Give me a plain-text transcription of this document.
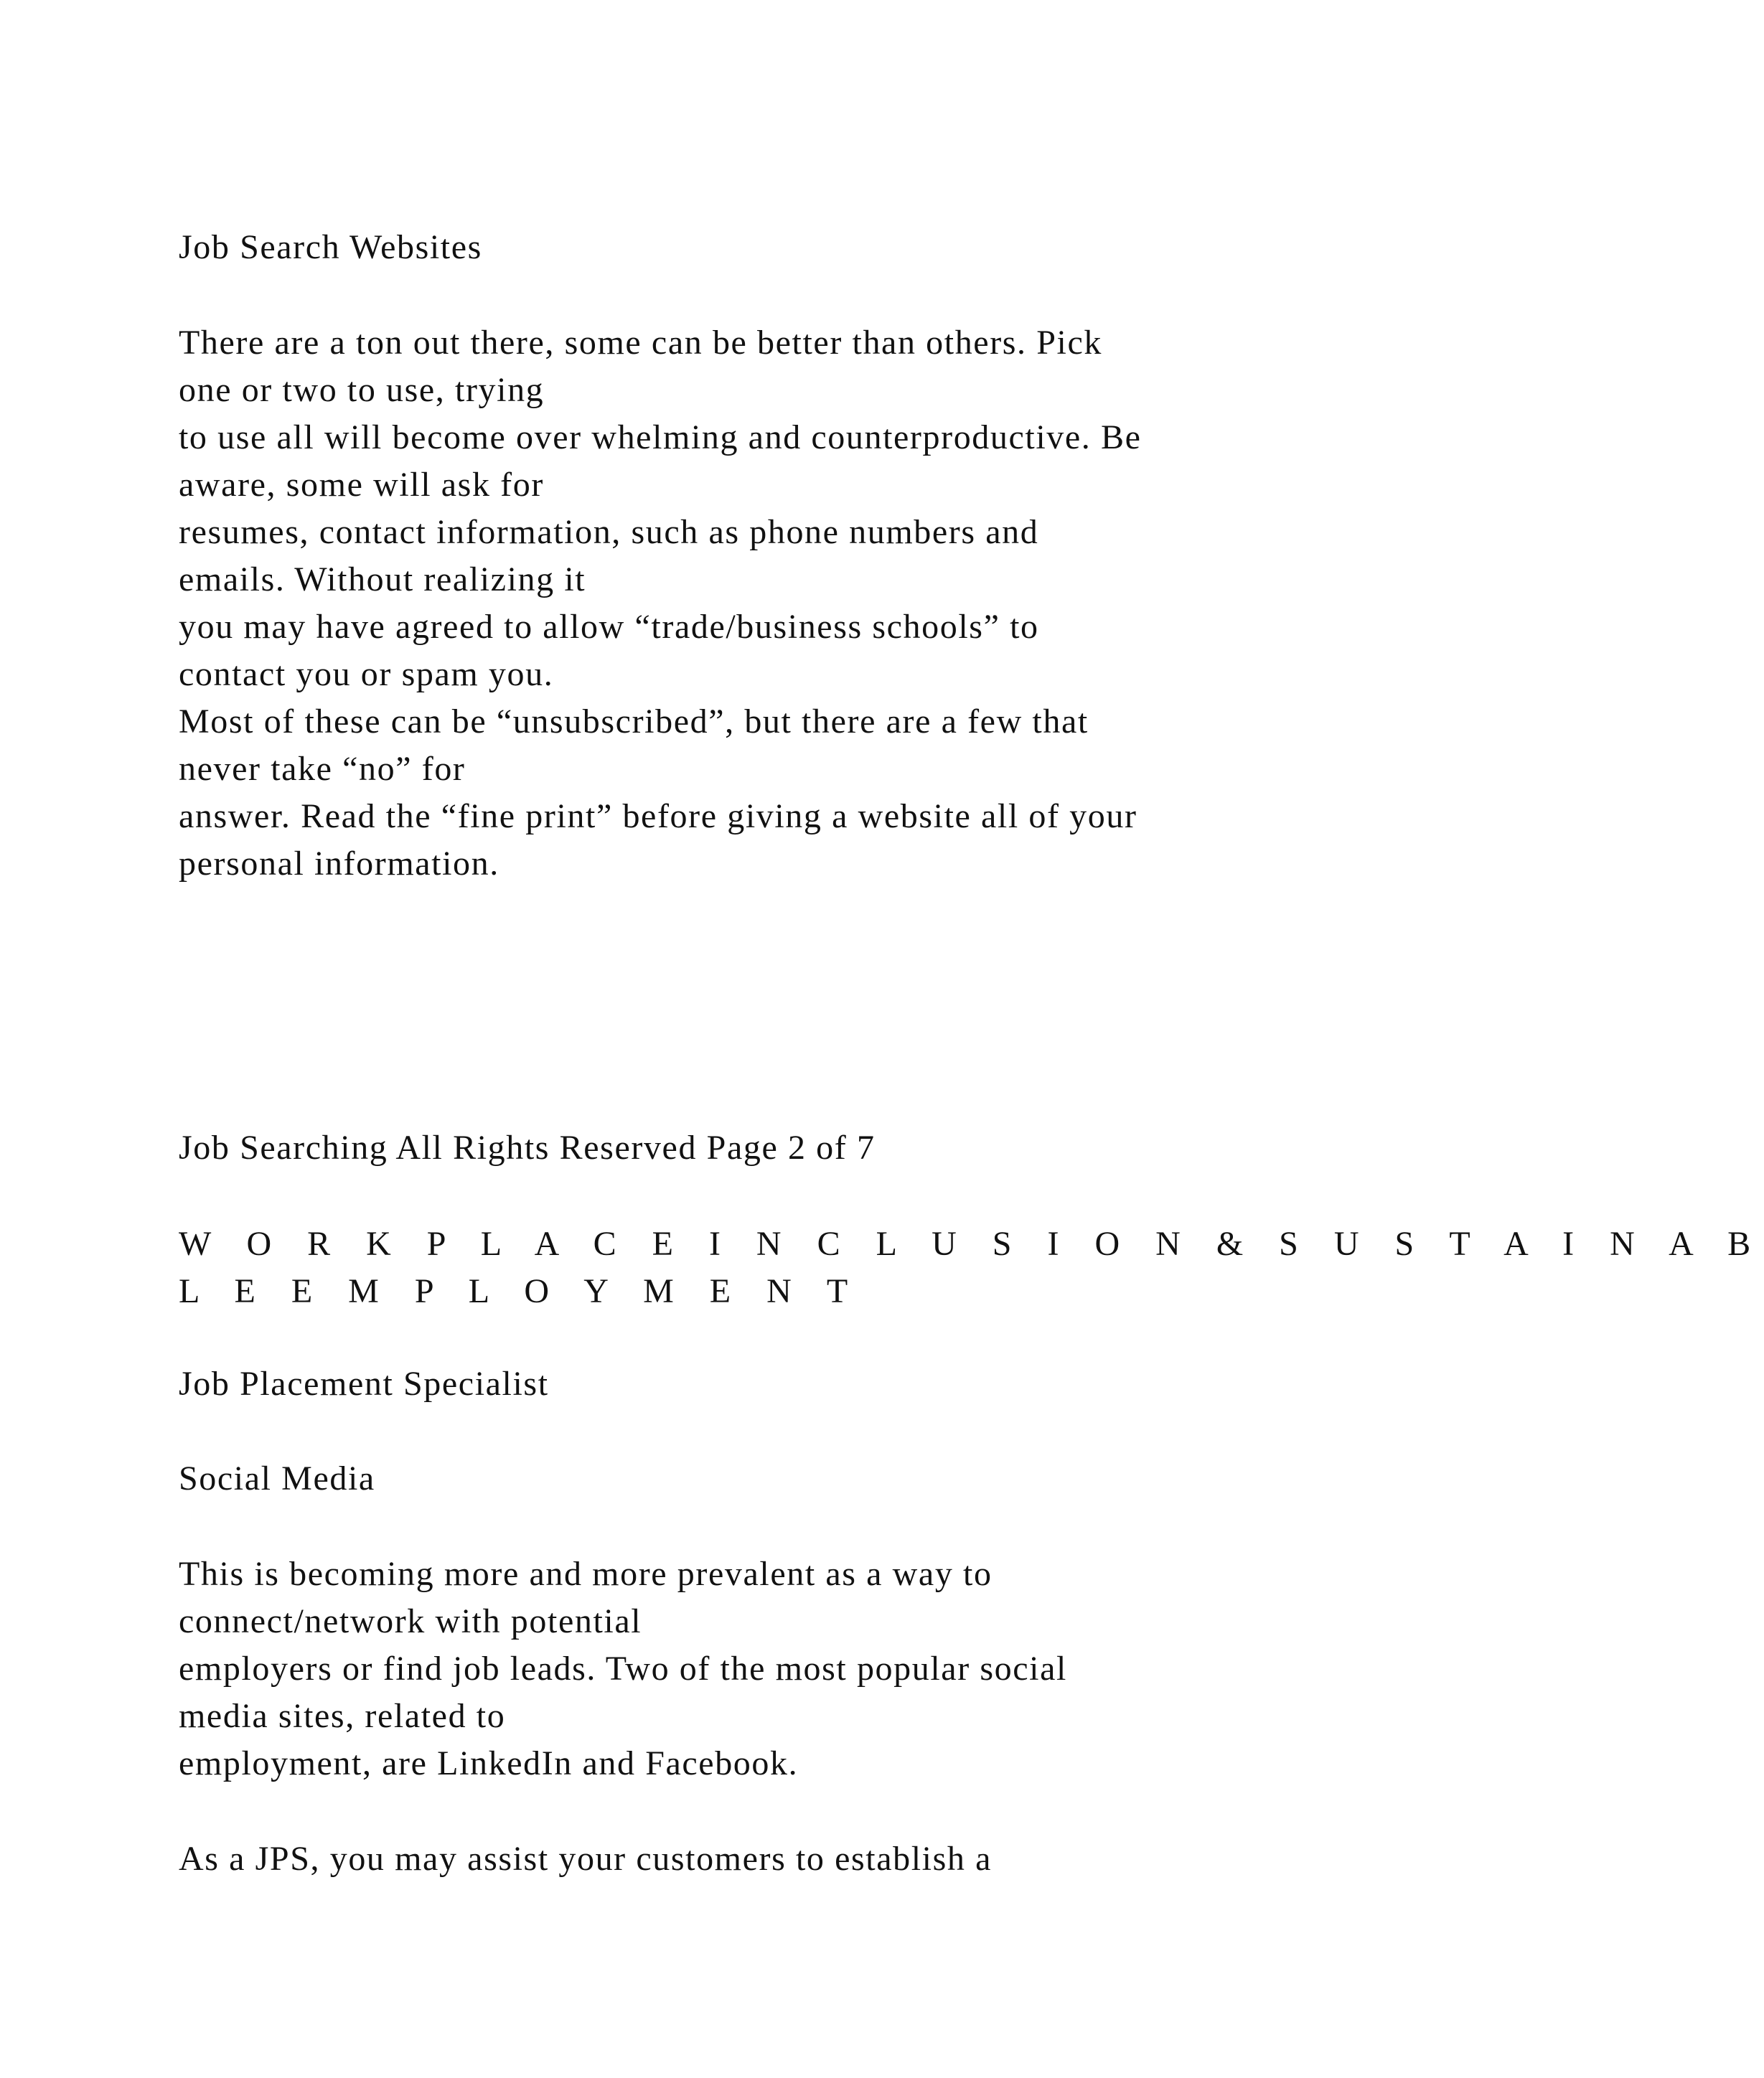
Job Search Websites

There are a ton out there, some can be better than others. Pick

one or two to use, trying

to use all will become over whelming and counterproductive. Be

aware, some will ask for

resumes, contact information, such as phone numbers and

emails. Without realizing it

you may have agreed to allow “trade/business schools” to

contact you or spam you.

Most of these can be “unsubscribed”, but there are a few that

never take “no” for

answer. Read the “fine print” before giving a website all of your

personal information.

Job Searching All Rights Reserved Page 2 of 7

W O R K P L A C E I N C L U S I O N & S U S T A I N A B

L E E M P L O Y M E N T

Job Placement Specialist

Social Media

This is becoming more and more prevalent as a way to

connect/network with potential

employers or find job leads. Two of the most popular social

media sites, related to

employment, are LinkedIn and Facebook.

As a JPS, you may assist your customers to establish a
